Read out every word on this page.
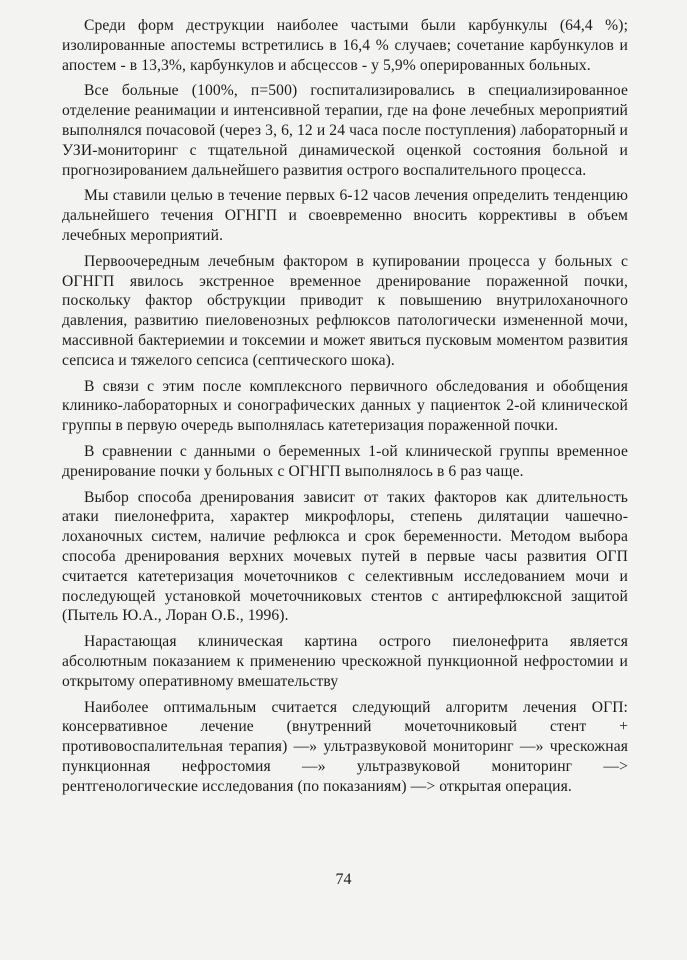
Среди форм деструкции наиболее частыми были карбункулы (64,4 %); изолированные апостемы встретились в 16,4 % случаев; сочетание карбункулов и апостем - в 13,3%, карбункулов и абсцессов - у 5,9% оперированных больных.

Все больные (100%, п=500) госпитализировались в специализированное отделение реанимации и интенсивной терапии, где на фоне лечебных мероприятий выполнялся почасовой (через 3, 6, 12 и 24 часа после поступления) лабораторный и УЗИ-мониторинг с тщательной динамической оценкой состояния больной и прогнозированием дальнейшего развития острого воспалительного процесса.

Мы ставили целью в течение первых 6-12 часов лечения определить тенденцию дальнейшего течения ОГНГП и своевременно вносить коррективы в объем лечебных мероприятий.

Первоочередным лечебным фактором в купировании процесса у больных с ОГНГП явилось экстренное временное дренирование пораженной почки, поскольку фактор обструкции приводит к повышению внутрилоханочного давления, развитию пиеловенозных рефлюксов патологически измененной мочи, массивной бактериемии и токсемии и может явиться пусковым моментом развития сепсиса и тяжелого сепсиса (септического шока).

В связи с этим после комплексного первичного обследования и обобщения клинико-лабораторных и сонографических данных у пациенток 2-ой клинической группы в первую очередь выполнялась катетеризация пораженной почки.

В сравнении с данными о беременных 1-ой клинической группы временное дренирование почки у больных с ОГНГП выполнялось в 6 раз чаще.

Выбор способа дренирования зависит от таких факторов как длительность атаки пиелонефрита, характер микрофлоры, степень дилятации чашечно-лоханочных систем, наличие рефлюкса и срок беременности. Методом выбора способа дренирования верхних мочевых путей в первые часы развития ОГП считается катетеризация мочеточников с селективным исследованием мочи и последующей установкой мочеточниковых стентов с антирефлюксной защитой (Пытель Ю.А., Лоран О.Б., 1996).

Нарастающая клиническая картина острого пиелонефрита является абсолютным показанием к применению чрескожной пункционной нефростомии и открытому оперативному вмешательству

Наиболее оптимальным считается следующий алгоритм лечения ОГП: консервативное лечение (внутренний мочеточниковый стент + противовоспалительная терапия) —» ультразвуковой мониторинг —» чрескожная пункционная нефростомия —» ультразвуковой мониторинг —> рентгенологические исследования (по показаниям) —> открытая операция.

74
